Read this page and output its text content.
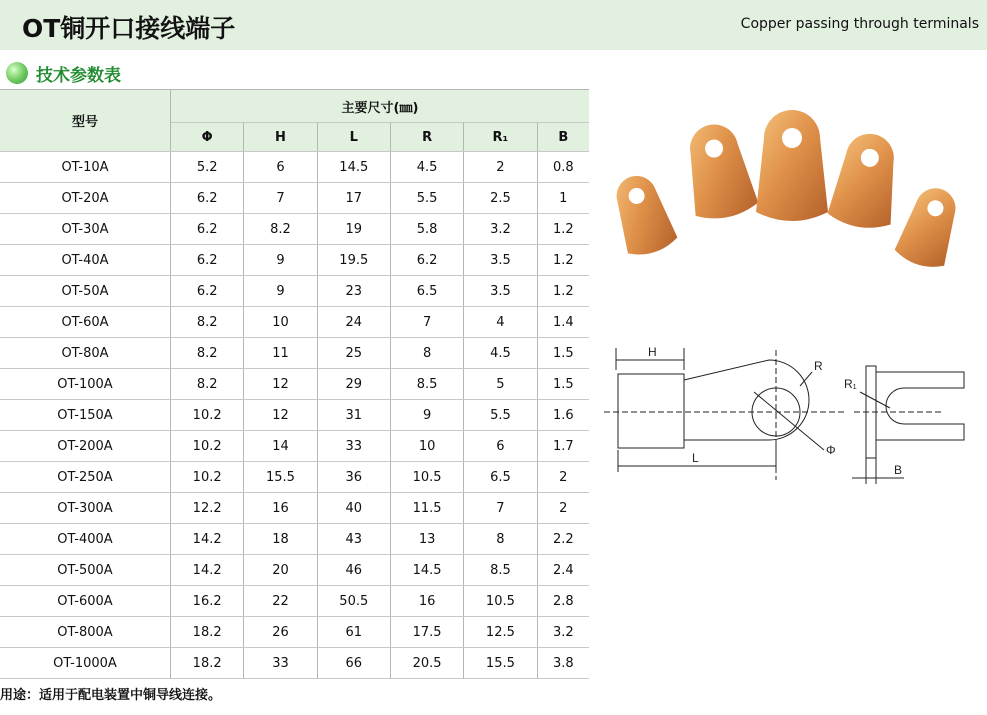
OT铜开口接线端子	Copper passing through terminals
技术参数表
型号	主要尺寸(㎜)					
	Φ	H	L	R	R₁	B
OT-10A	5.2	6	14.5	4.5	2	0.8
OT-20A	6.2	7	17	5.5	2.5	1
OT-30A	6.2	8.2	19	5.8	3.2	1.2
OT-40A	6.2	9	19.5	6.2	3.5	1.2
OT-50A	6.2	9	23	6.5	3.5	1.2
OT-60A	8.2	10	24	7	4	1.4
OT-80A	8.2	11	25	8	4.5	1.5
OT-100A	8.2	12	29	8.5	5	1.5
OT-150A	10.2	12	31	9	5.5	1.6
OT-200A	10.2	14	33	10	6	1.7
OT-250A	10.2	15.5	36	10.5	6.5	2
OT-300A	12.2	16	40	11.5	7	2
OT-400A	14.2	18	43	13	8	2.2
OT-500A	14.2	20	46	14.5	8.5	2.4
OT-600A	16.2	22	50.5	16	10.5	2.8
OT-800A	18.2	26	61	17.5	12.5	3.2
OT-1000A	18.2	33	66	20.5	15.5	3.8
用途：适用于配电装置中铜导线连接。
H
R
Φ
L
R₁
B
